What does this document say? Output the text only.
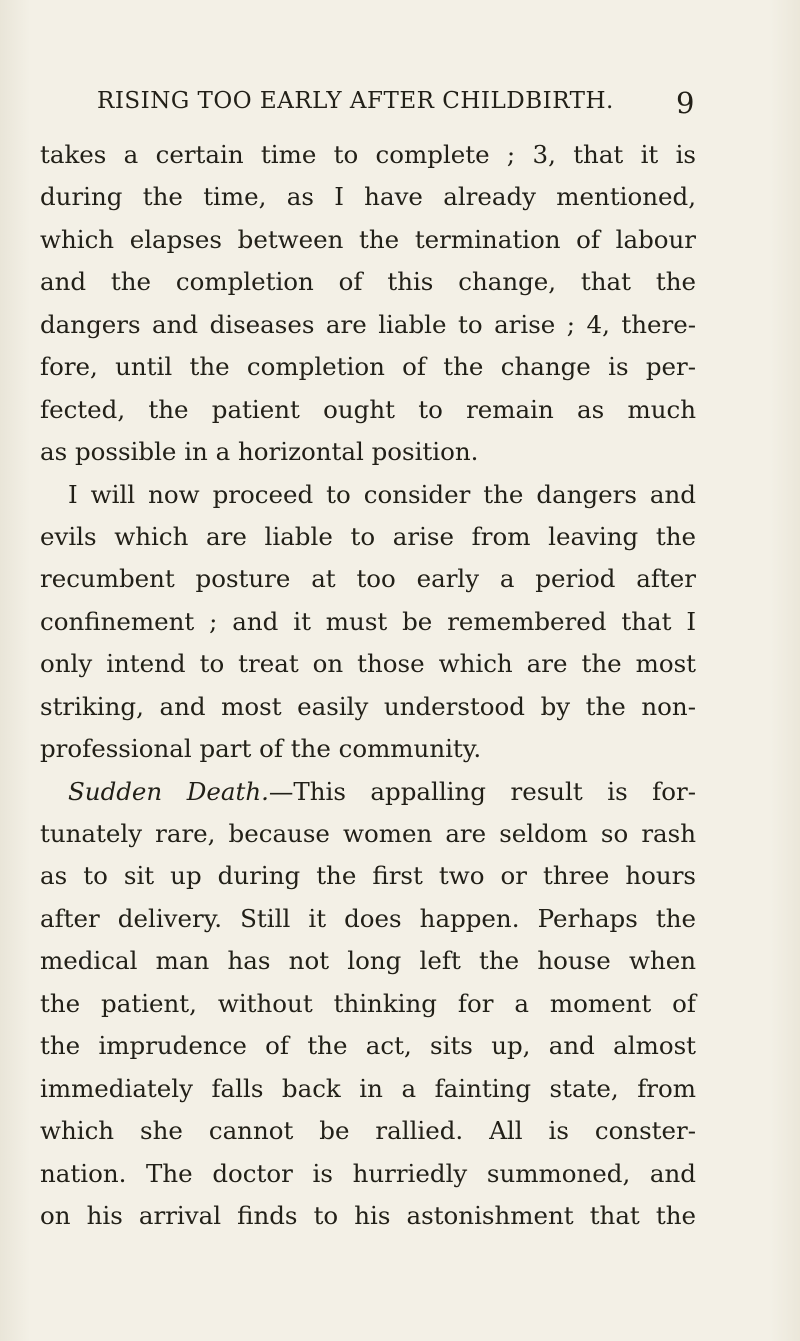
RISING TOO EARLY AFTER CHILDBIRTH. 9
takes a certain time to complete ; 3, that it is
during the time, as I have already mentioned,
which elapses between the termination of labour
and the completion of this change, that the
dangers and diseases are liable to arise ; 4, there-
fore, until the completion of the change is per-
fected, the patient ought to remain as much
as possible in a horizontal position.
I will now proceed to consider the dangers and
evils which are liable to arise from leaving the
recumbent posture at too early a period after
confinement ; and it must be remembered that I
only intend to treat on those which are the most
striking, and most easily understood by the non-
professional part of the community.
Sudden Death.—This appalling result is for-
tunately rare, because women are seldom so rash
as to sit up during the first two or three hours
after delivery. Still it does happen. Perhaps the
medical man has not long left the house when
the patient, without thinking for a moment of
the imprudence of the act, sits up, and almost
immediately falls back in a fainting state, from
which she cannot be rallied. All is conster-
nation. The doctor is hurriedly summoned, and
on his arrival finds to his astonishment that the
